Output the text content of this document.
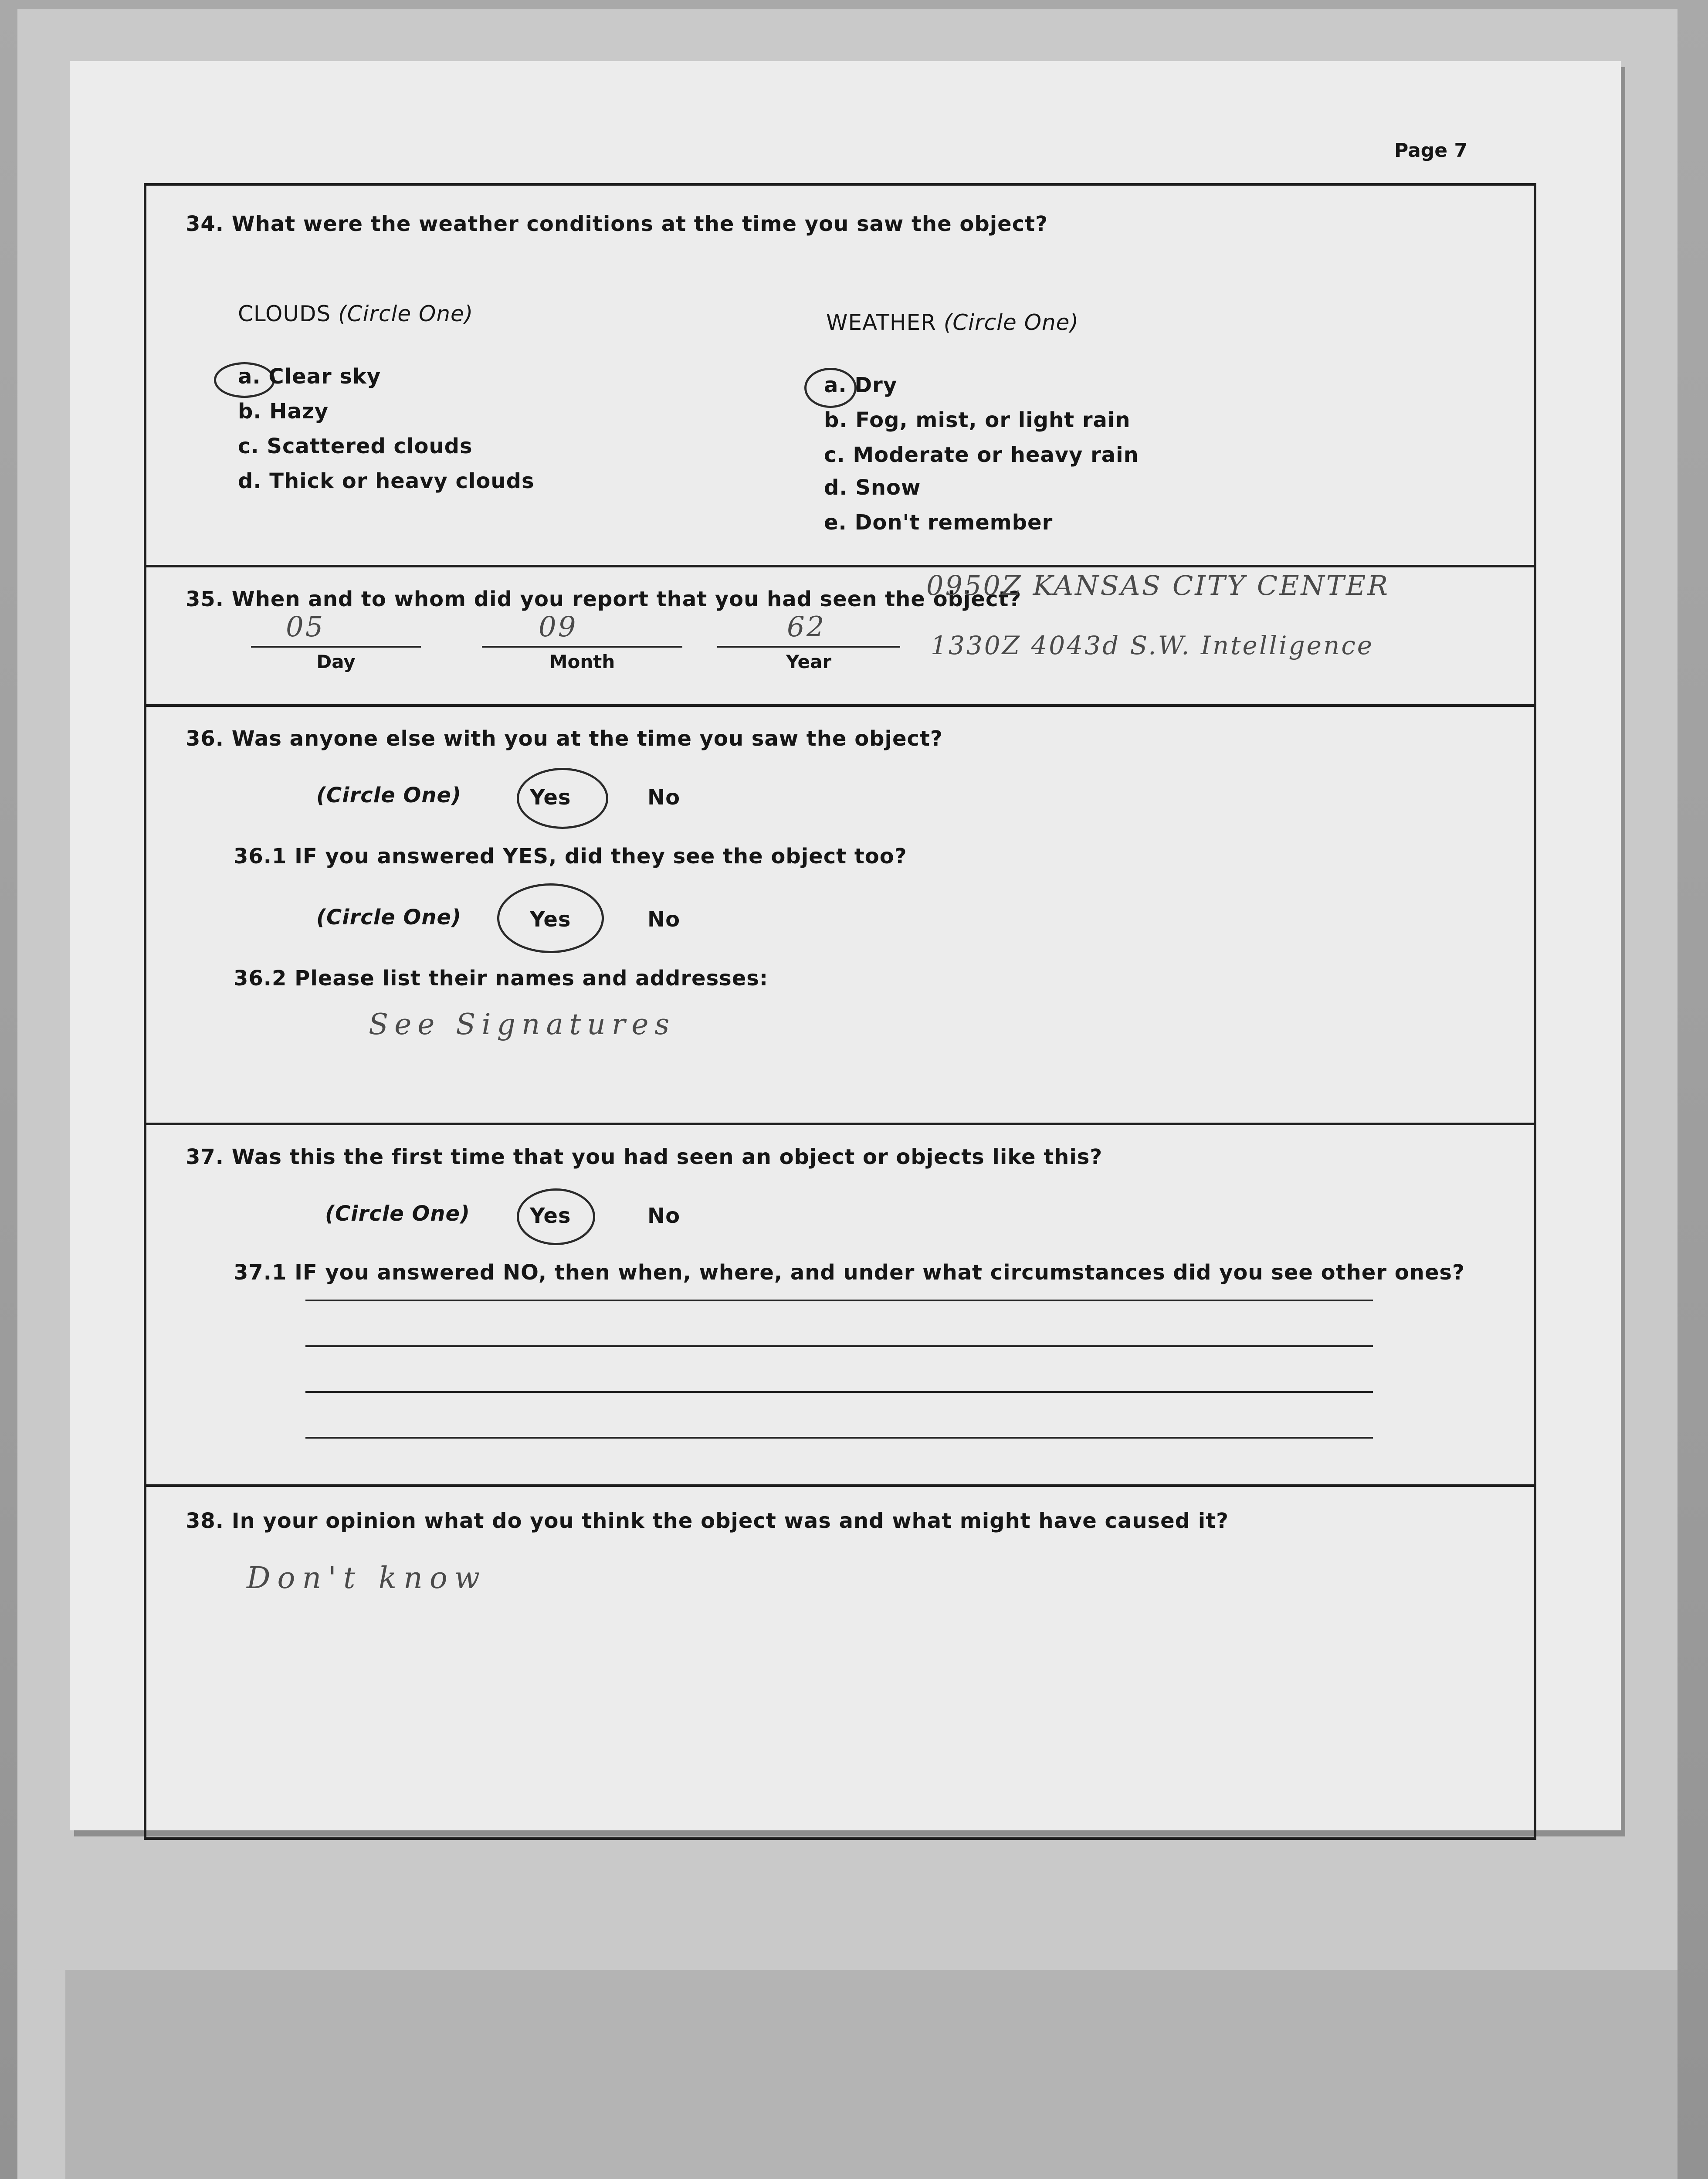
Page 7
34. What were the weather conditions at the time you saw the object?
CLOUDS (Circle One)
a. Clear sky
b. Hazy
c. Scattered clouds
d. Thick or heavy clouds
WEATHER (Circle One)
a. Dry
b. Fog, mist, or light rain
c. Moderate or heavy rain
d. Snow
e. Don't remember
35. When and to whom did you report that you had seen the object?
0950Z KANSAS CITY CENTER
1330Z 4043d S.W. Intelligence
05
Day
09
Month
62
Year
36. Was anyone else with you at the time you saw the object?
(Circle One)	Yes	No
36.1 IF you answered YES, did they see the object too?
(Circle One)	Yes	No
36.2 Please list their names and addresses:
See Signatures
37. Was this the first time that you had seen an object or objects like this?
(Circle One)	Yes	No
37.1 IF you answered NO, then when, where, and under what circumstances did you see other ones?
38. In your opinion what do you think the object was and what might have caused it?
Don't know
